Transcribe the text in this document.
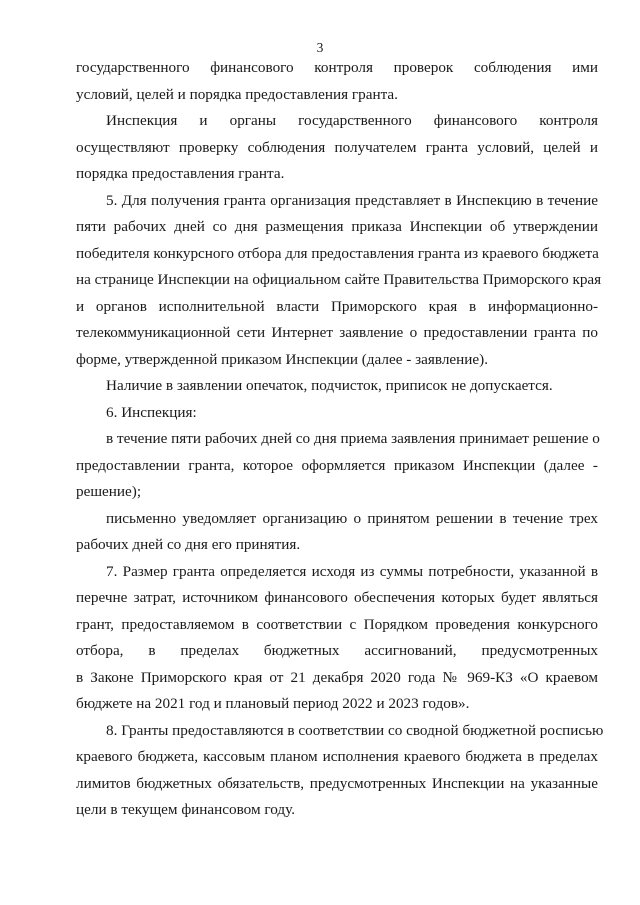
3
государственного финансового контроля проверок соблюдения ими
условий, целей и порядка предоставления гранта.
Инспекция и органы государственного финансового контроля
осуществляют проверку соблюдения получателем гранта условий, целей и
порядка предоставления гранта.
5. Для получения гранта организация представляет в Инспекцию в течение
пяти рабочих дней со дня размещения приказа Инспекции об утверждении
победителя конкурсного отбора для предоставления гранта из краевого бюджета
на странице Инспекции на официальном сайте Правительства Приморского края
и органов исполнительной власти Приморского края в информационно-
телекоммуникационной сети Интернет заявление о предоставлении гранта по
форме, утвержденной приказом Инспекции (далее - заявление).
Наличие в заявлении опечаток, подчисток, приписок не допускается.
6. Инспекция:
в течение пяти рабочих дней со дня приема заявления принимает решение о
предоставлении гранта, которое оформляется приказом Инспекции (далее -
решение);
письменно уведомляет организацию о принятом решении в течение трех
рабочих дней со дня его принятия.
7. Размер гранта определяется исходя из суммы потребности, указанной в
перечне затрат, источником финансового обеспечения которых будет являться
грант, предоставляемом в соответствии с Порядком проведения конкурсного
отбора, в пределах бюджетных ассигнований, предусмотренных
в Законе Приморского края от 21 декабря 2020 года № 969-КЗ «О краевом
бюджете на 2021 год и плановый период 2022 и 2023 годов».
8. Гранты предоставляются в соответствии со сводной бюджетной росписью
краевого бюджета, кассовым планом исполнения краевого бюджета в пределах
лимитов бюджетных обязательств, предусмотренных Инспекции на указанные
цели в текущем финансовом году.
